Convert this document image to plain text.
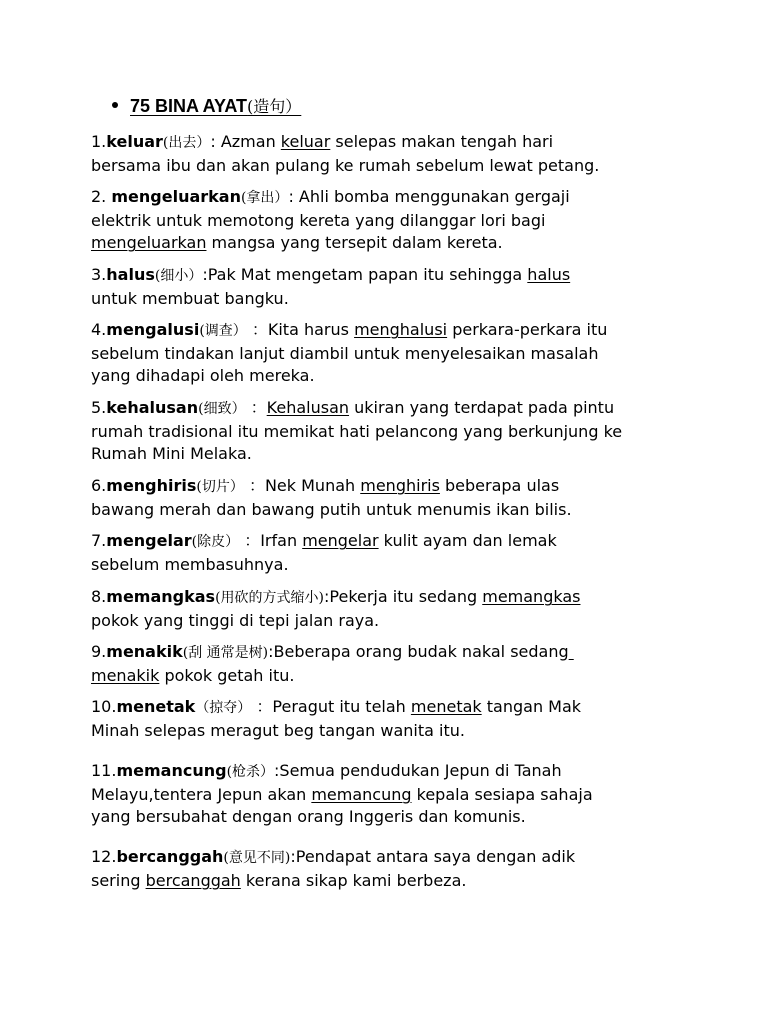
75 BINA AYAT(造句）
1.keluar(出去）: Azman keluar selepas makan tengah hari
bersama ibu dan akan pulang ke rumah sebelum lewat petang.
2. mengeluarkan(拿出）: Ahli bomba menggunakan gergaji
elektrik untuk memotong kereta yang dilanggar lori bagi
mengeluarkan mangsa yang tersepit dalam kereta.
3.halus(细小）:Pak Mat mengetam papan itu sehingga halus
untuk membuat bangku.
4.mengalusi(调查） ：Kita harus menghalusi perkara-perkara itu
sebelum tindakan lanjut diambil untuk menyelesaikan masalah
yang dihadapi oleh mereka.
5.kehalusan(细致） ：Kehalusan ukiran yang terdapat pada pintu
rumah tradisional itu memikat hati pelancong yang berkunjung ke
Rumah Mini Melaka.
6.menghiris(切片） ：Nek Munah menghiris beberapa ulas
bawang merah dan bawang putih untuk menumis ikan bilis.
7.mengelar(除皮） ：Irfan mengelar kulit ayam dan lemak
sebelum membasuhnya.
8.memangkas(用砍的方式缩小):Pekerja itu sedang memangkas
pokok yang tinggi di tepi jalan raya.
9.menakik(刮 通常是树):Beberapa orang budak nakal sedang
menakik pokok getah itu.
10.menetak（掠夺） ：Peragut itu telah menetak tangan Mak
Minah selepas meragut beg tangan wanita itu.
11.memancung(枪杀）:Semua pendudukan Jepun di Tanah
Melayu,tentera Jepun akan memancung kepala sesiapa sahaja
yang bersubahat dengan orang Inggeris dan komunis.
12.bercanggah(意见不同):Pendapat antara saya dengan adik
sering bercanggah kerana sikap kami berbeza.
